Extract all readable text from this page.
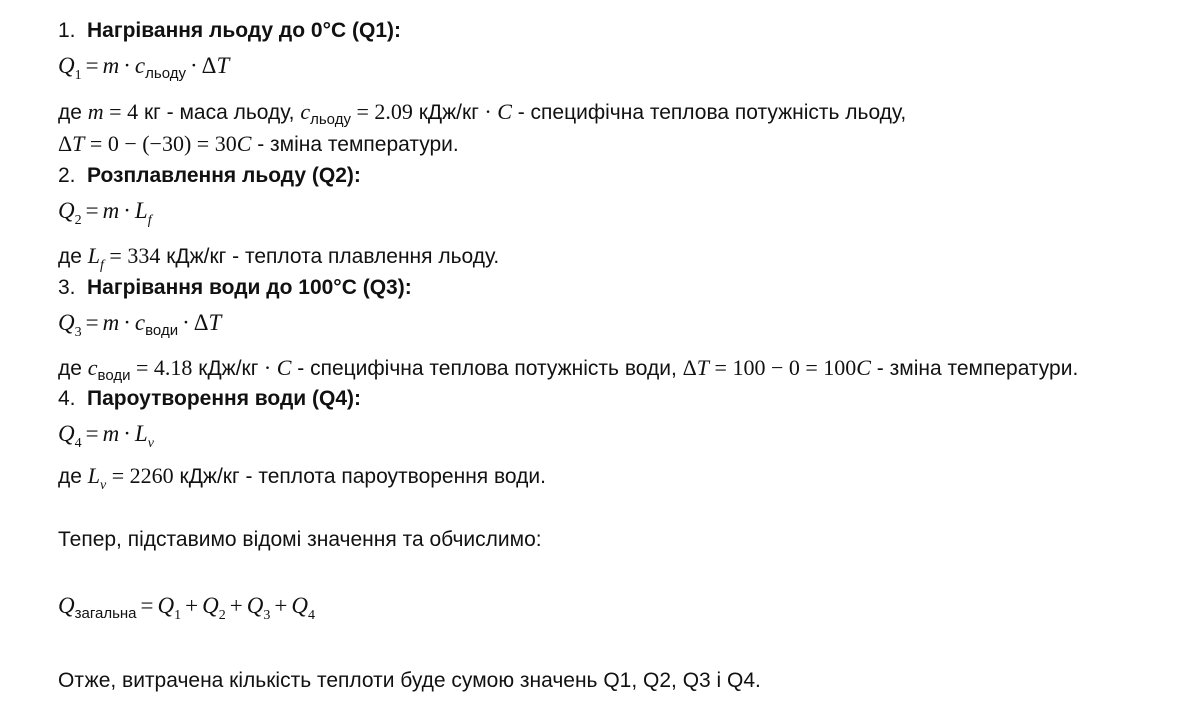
1. Нагрівання льоду до 0°C (Q1):
$Q_1 = m \cdot c_{льоду} \cdot \Delta T$
де m = 4 кг - маса льоду, $c_{льоду} = 2.09$ кДж/кг · C - специфічна теплова потужність льоду,
ΔT = 0 − (−30) = 30C - зміна температури.
2. Розплавлення льоду (Q2):
$Q_2 = m \cdot L_f$
де $L_f = 334$ кДж/кг - теплота плавлення льоду.
3. Нагрівання води до 100°C (Q3):
$Q_3 = m \cdot c_{води} \cdot \Delta T$
де $c_{води} = 4.18$ кДж/кг · C - специфічна теплова потужність води, ΔT = 100 − 0 = 100C - зміна температури.
4. Пароутворення води (Q4):
$Q_4 = m \cdot L_v$
де $L_v = 2260$ кДж/кг - теплота пароутворення води.
Тепер, підставимо відомі значення та обчислимо:
$Q_{загальна} = Q_1 + Q_2 + Q_3 + Q_4$
Отже, витрачена кількість теплоти буде сумою значень Q1, Q2, Q3 і Q4.
